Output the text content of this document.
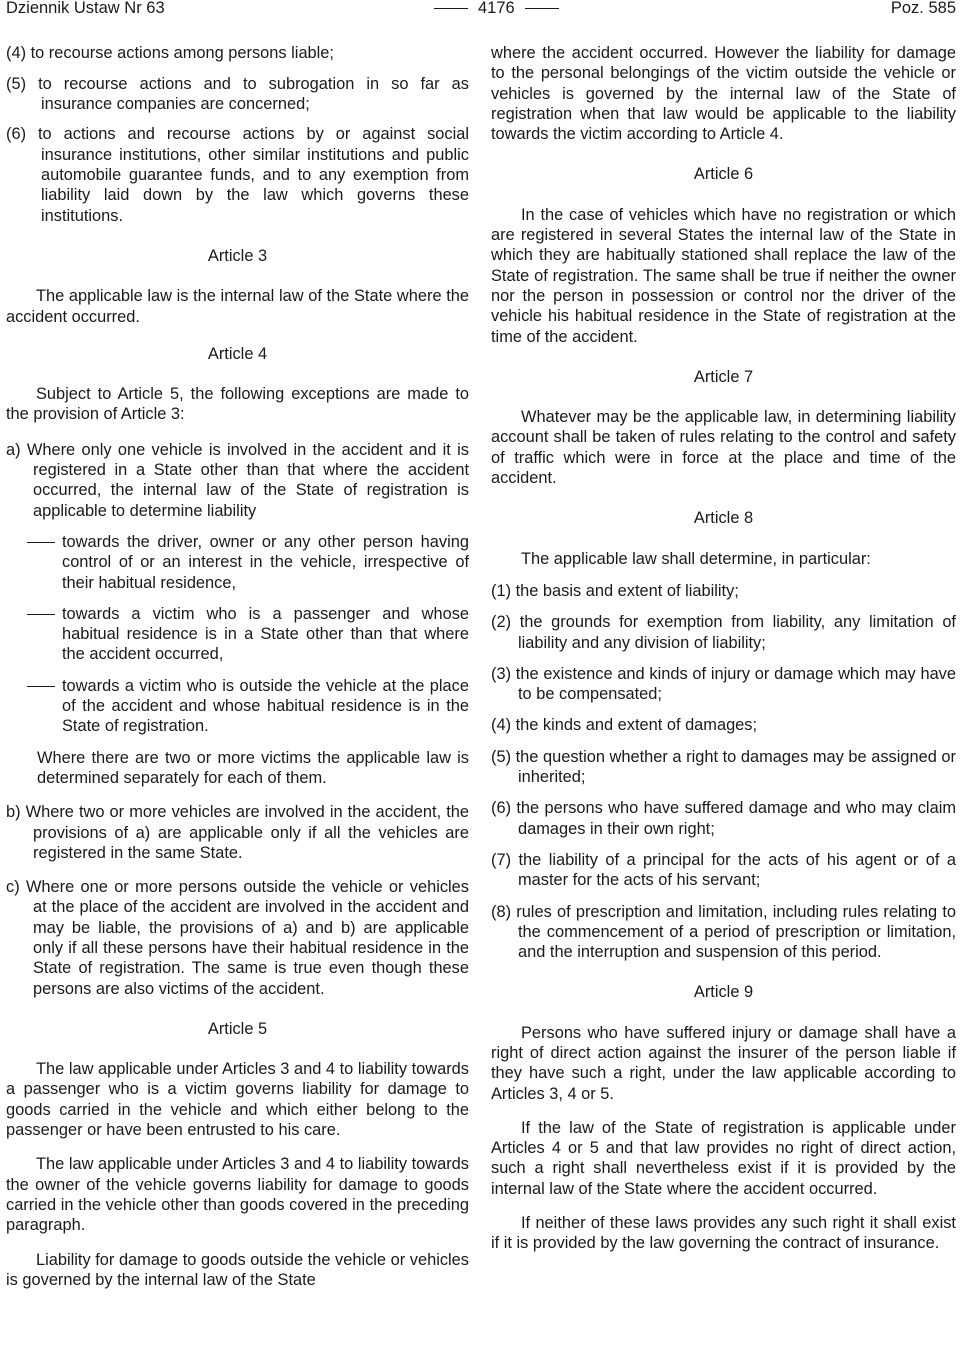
Dziennik Ustaw Nr 63	4176	Poz. 585

(4) to recourse actions among persons liable;

(5) to recourse actions and to subrogation in so far as insurance companies are concerned;

(6) to actions and recourse actions by or against social insurance institutions, other similar institutions and public automobile guarantee funds, and to any exemption from liability laid down by the law which governs these institutions.

Article 3

The applicable law is the internal law of the State where the accident occurred.

Article 4

Subject to Article 5, the following exceptions are made to the provision of Article 3:

a) Where only one vehicle is involved in the accident and it is registered in a State other than that where the accident occurred, the internal law of the State of registration is applicable to determine liability

towards the driver, owner or any other person having control of or an interest in the vehicle, irrespective of their habitual residence,

towards a victim who is a passenger and whose habitual residence is in a State other than that where the accident occurred,

towards a victim who is outside the vehicle at the place of the accident and whose habitual residence is in the State of registration.

Where there are two or more victims the applicable law is determined separately for each of them.

b) Where two or more vehicles are involved in the accident, the provisions of a) are applicable only if all the vehicles are registered in the same State.

c) Where one or more persons outside the vehicle or vehicles at the place of the accident are involved in the accident and may be liable, the provisions of a) and b) are applicable only if all these persons have their habitual residence in the State of registration. The same is true even though these persons are also victims of the accident.

Article 5

The law applicable under Articles 3 and 4 to liability towards a passenger who is a victim governs liability for damage to goods carried in the vehicle and which either belong to the passenger or have been entrusted to his care.

The law applicable under Articles 3 and 4 to liability towards the owner of the vehicle governs liability for damage to goods carried in the vehicle other than goods covered in the preceding paragraph.

Liability for damage to goods outside the vehicle or vehicles is governed by the internal law of the State

where the accident occurred. However the liability for damage to the personal belongings of the victim outside the vehicle or vehicles is governed by the internal law of the State of registration when that law would be applicable to the liability towards the victim according to Article 4.

Article 6

In the case of vehicles which have no registration or which are registered in several States the internal law of the State in which they are habitually stationed shall replace the law of the State of registration. The same shall be true if neither the owner nor the person in possession or control nor the driver of the vehicle his habitual residence in the State of registration at the time of the accident.

Article 7

Whatever may be the applicable law, in determining liability account shall be taken of rules relating to the control and safety of traffic which were in force at the place and time of the accident.

Article 8

The applicable law shall determine, in particular:

(1) the basis and extent of liability;

(2) the grounds for exemption from liability, any limitation of liability and any division of liability;

(3) the existence and kinds of injury or damage which may have to be compensated;

(4) the kinds and extent of damages;

(5) the question whether a right to damages may be assigned or inherited;

(6) the persons who have suffered damage and who may claim damages in their own right;

(7) the liability of a principal for the acts of his agent or of a master for the acts of his servant;

(8) rules of prescription and limitation, including rules relating to the commencement of a period of prescription or limitation, and the interruption and suspension of this period.

Article 9

Persons who have suffered injury or damage shall have a right of direct action against the insurer of the person liable if they have such a right, under the law applicable according to Articles 3, 4 or 5.

If the law of the State of registration is applicable under Articles 4 or 5 and that law provides no right of direct action, such a right shall nevertheless exist if it is provided by the internal law of the State where the accident occurred.

If neither of these laws provides any such right it shall exist if it is provided by the law governing the contract of insurance.
